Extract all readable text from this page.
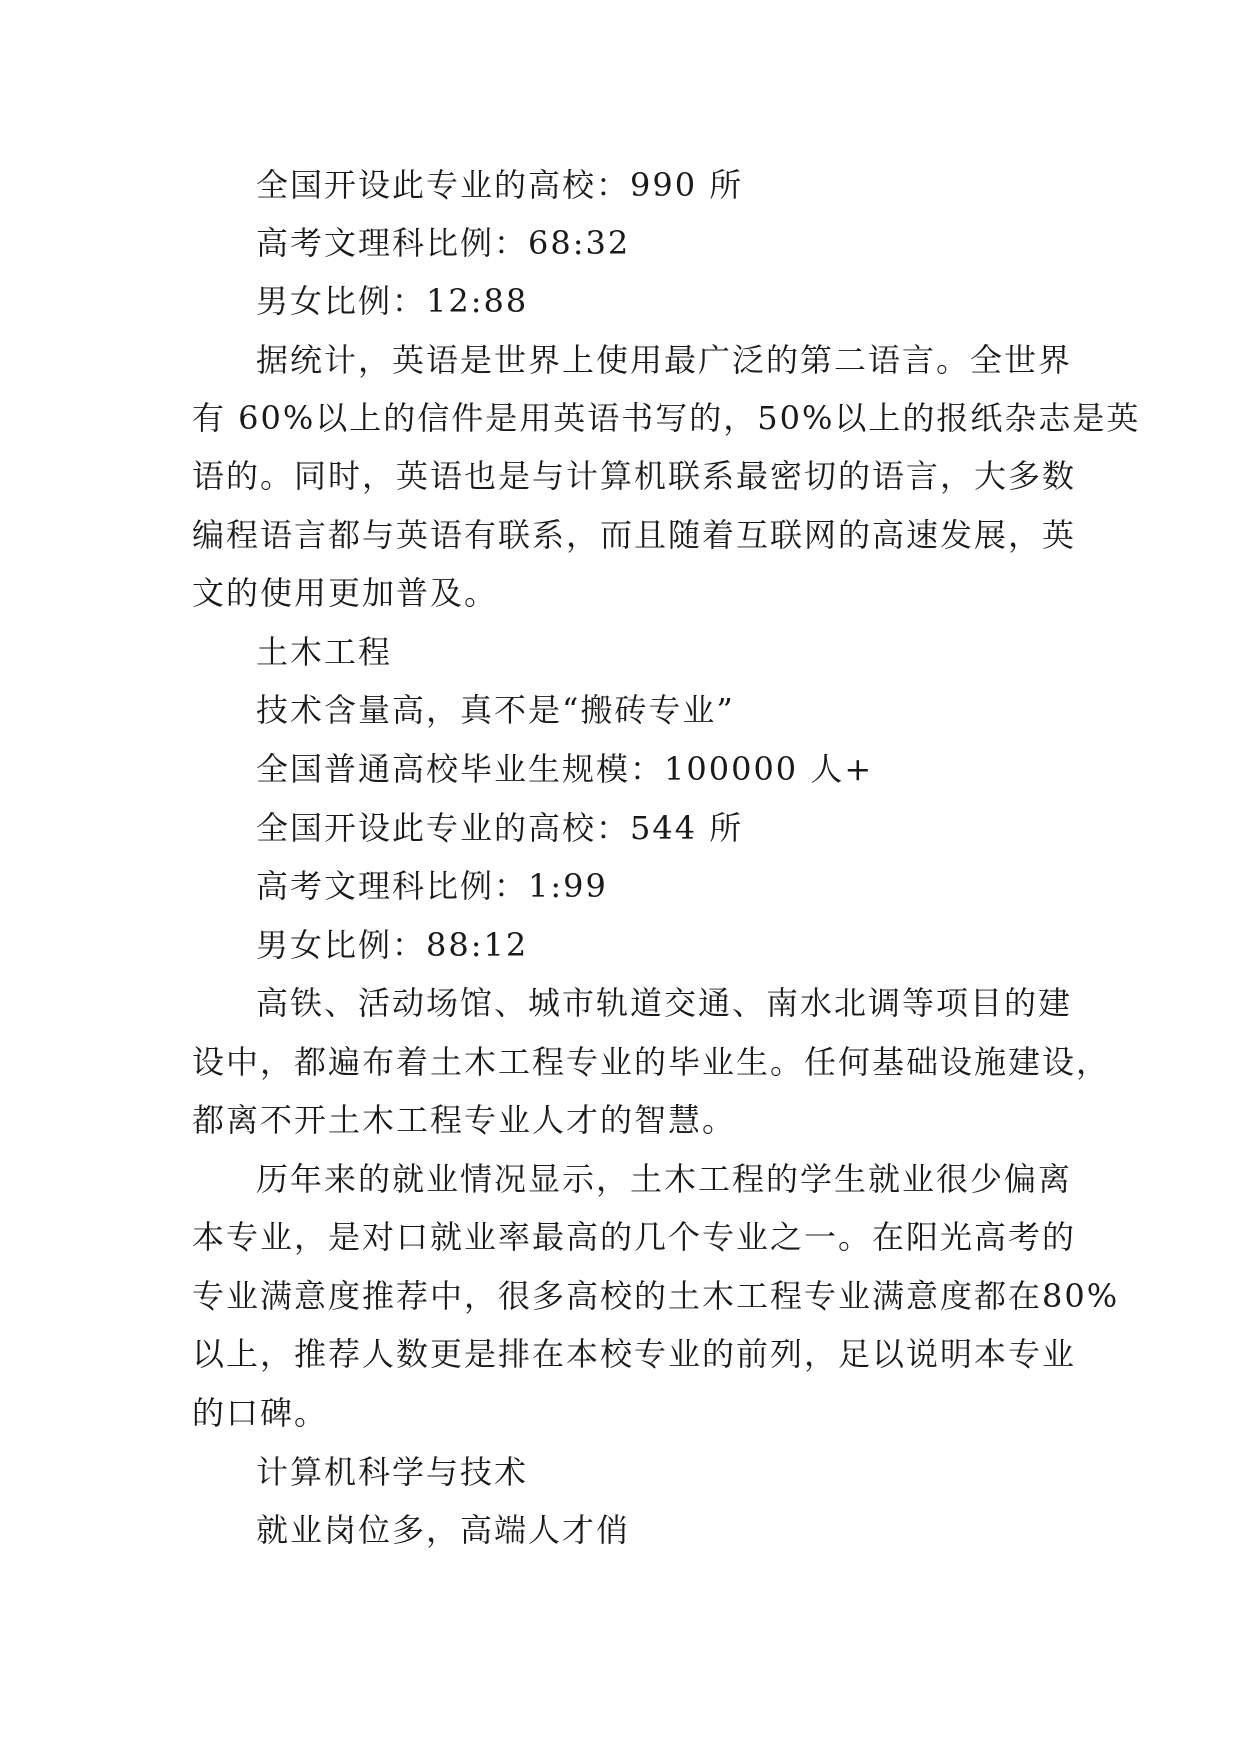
全国开设此专业的高校：990 所
高考文理科比例：68:32
男女比例：12:88
据统计，英语是世界上使用最广泛的第二语言。全世界
有 60%以上的信件是用英语书写的，50%以上的报纸杂志是英
语的。同时，英语也是与计算机联系最密切的语言，大多数
编程语言都与英语有联系，而且随着互联网的高速发展，英
文的使用更加普及。
土木工程
技术含量高，真不是“搬砖专业”
全国普通高校毕业生规模：100000 人+
全国开设此专业的高校：544 所
高考文理科比例：1:99
男女比例：88:12
高铁、活动场馆、城市轨道交通、南水北调等项目的建
设中，都遍布着土木工程专业的毕业生。任何基础设施建设，
都离不开土木工程专业人才的智慧。
历年来的就业情况显示，土木工程的学生就业很少偏离
本专业，是对口就业率最高的几个专业之一。在阳光高考的
专业满意度推荐中，很多高校的土木工程专业满意度都在80%
以上，推荐人数更是排在本校专业的前列，足以说明本专业
的口碑。
计算机科学与技术
就业岗位多，高端人才俏
